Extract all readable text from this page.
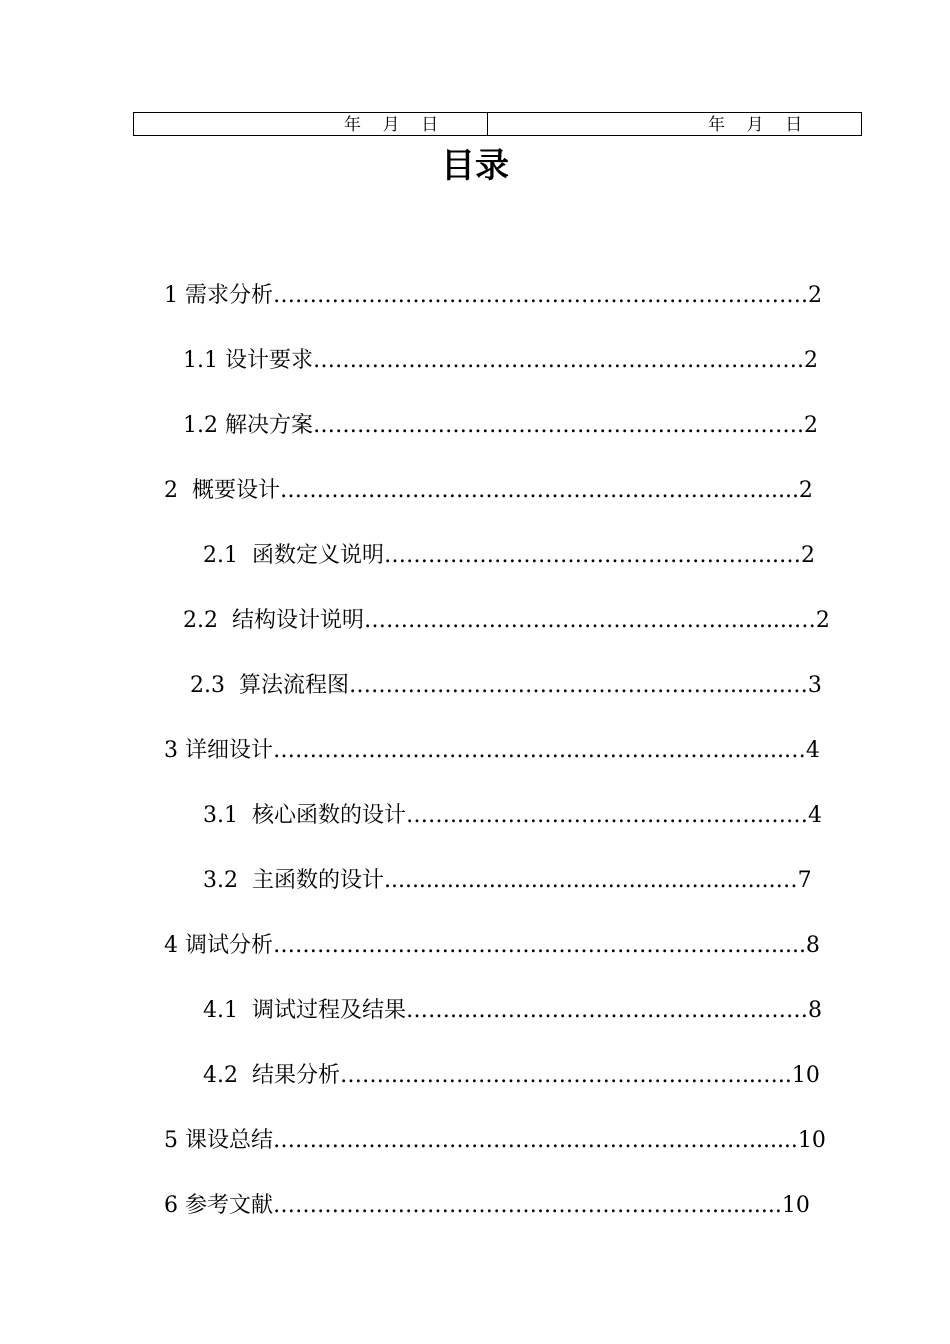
年    月    日	年    月    日
目录

1 需求分析……………………………………………………………….2

1.1 设计要求………………………………………………………….2

1.2 解决方案………………………………………………………….2

2  概要设计………………………………………………………….....2

2.1  函数定义说明……………………………………………...…2

2.2  结构设计说明……………………………………………........…2

2.3  算法流程图…………………………………………….........…3

3 详细设计…………………………………..…………………….....…4

3.1  核心函数的设计……...………………………………….……4

3.2  主函数的设计........................................................…7

4 调试分析………………………………..………………………….....8

4.1  调试过程及结果……...………………………………….……8

4.2  结果分析……....………………………………………..…..10

5 课设总结…………………………………..…………………….......10

6 参考文献………………………………..…………………...........10
